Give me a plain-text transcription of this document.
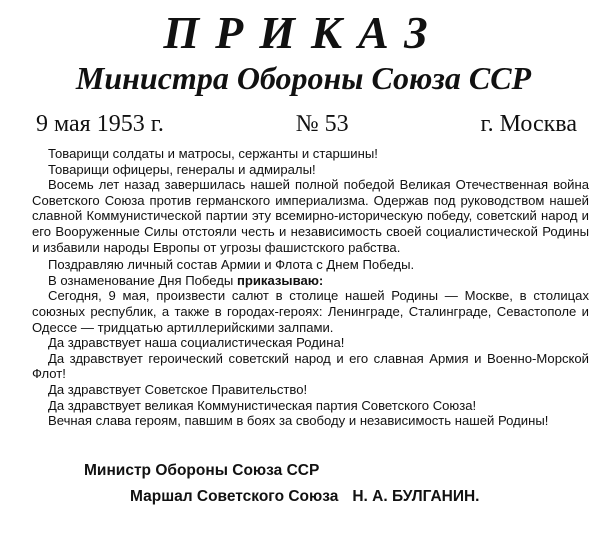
ПРИКАЗ
Министра Обороны Союза ССР
9 мая 1953 г.	№ 53	г. Москва

Товарищи солдаты и матросы, сержанты и старшины!

Товарищи офицеры, генералы и адмиралы!

Восемь лет назад завершилась нашей полной победой Великая Отечественная война Советского Союза против германского империализма. Одержав под руководством нашей славной Коммунистической партии эту всемирно-историческую победу, советский народ и его Вооруженные Силы отстояли честь и независимость своей социалистической Родины и избавили народы Европы от угрозы фашистского рабства.

Поздравляю личный состав Армии и Флота с Днем Победы.

В ознаменование Дня Победы приказываю:

Сегодня, 9 мая, произвести салют в столице нашей Родины — Москве, в столицах союзных республик, а также в городах-героях: Ленинграде, Сталинграде, Севастополе и Одессе — тридцатью артиллерийскими залпами.

Да здравствует наша социалистическая Родина!

Да здравствует героический советский народ и его славная Армия и Военно-Морской Флот!

Да здравствует Советское Правительство!

Да здравствует великая Коммунистическая партия Советского Союза!

Вечная слава героям, павшим в боях за свободу и независимость нашей Родины!

Министр Обороны Союза ССР
Маршал Советского Союза Н. А. БУЛГАНИН.
